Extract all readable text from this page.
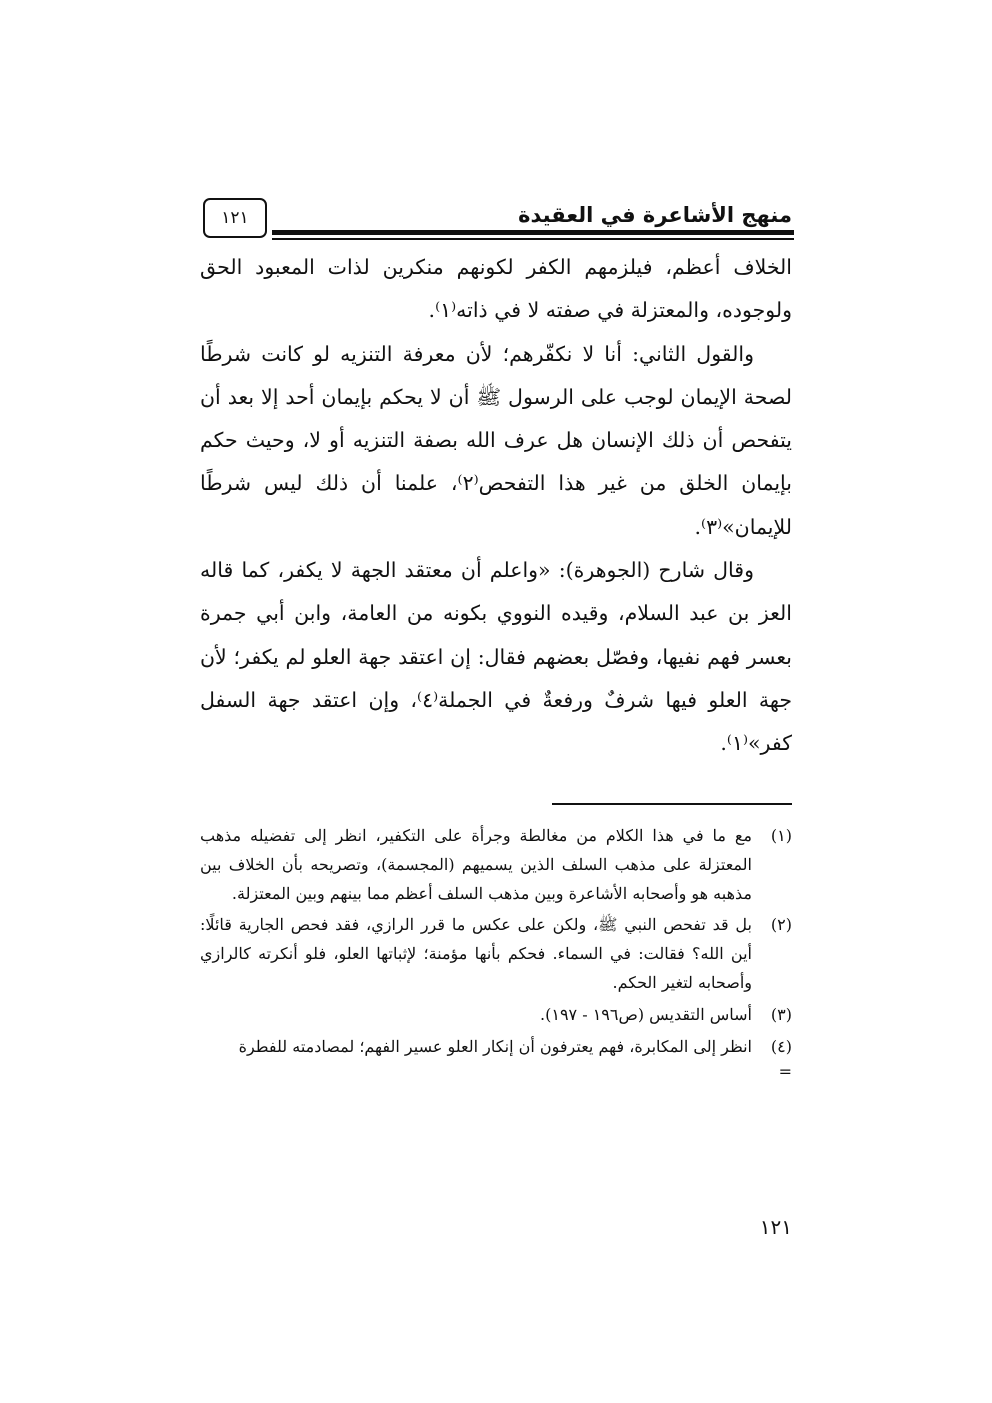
منهج الأشاعرة في العقيدة
١٢١

الخلاف أعظم، فيلزمهم الكفر لكونهم منكرين لذات المعبود الحق ولوجوده، والمعتزلة في صفته لا في ذاته⁽١⁾.

والقول الثاني: أنا لا نكفّرهم؛ لأن معرفة التنزيه لو كانت شرطًا لصحة الإيمان لوجب على الرسول ﷺ أن لا يحكم بإيمان أحد إلا بعد أن يتفحص أن ذلك الإنسان هل عرف الله بصفة التنزيه أو لا، وحيث حكم بإيمان الخلق من غير هذا التفحص⁽٢⁾، علمنا أن ذلك ليس شرطًا للإيمان»⁽٣⁾.

وقال شارح (الجوهرة): «واعلم أن معتقد الجهة لا يكفر، كما قاله العز بن عبد السلام، وقيده النووي بكونه من العامة، وابن أبي جمرة بعسر فهم نفيها، وفصّل بعضهم فقال: إن اعتقد جهة العلو لم يكفر؛ لأن جهة العلو فيها شرفٌ ورفعةٌ في الجملة⁽٤⁾، وإن اعتقد جهة السفل كفر»⁽١⁾.

(١)
مع ما في هذا الكلام من مغالطة وجرأة على التكفير، انظر إلى تفضيله مذهب المعتزلة على مذهب السلف الذين يسميهم (المجسمة)، وتصريحه بأن الخلاف بين مذهبه هو وأصحابه الأشاعرة وبين مذهب السلف أعظم مما بينهم وبين المعتزلة.
(٢)
بل قد تفحص النبي ﷺ، ولكن على عكس ما قرر الرازي، فقد فحص الجارية قائلًا: أين الله؟ فقالت: في السماء. فحكم بأنها مؤمنة؛ لإثباتها العلو، فلو أنكرته كالرازي وأصحابه لتغير الحكم.
(٣)
أساس التقديس (ص١٩٦ - ١٩٧).
(٤)
انظر إلى المكابرة، فهم يعترفون أن إنكار العلو عسير الفهم؛ لمصادمته للفطرة
=
١٢١
